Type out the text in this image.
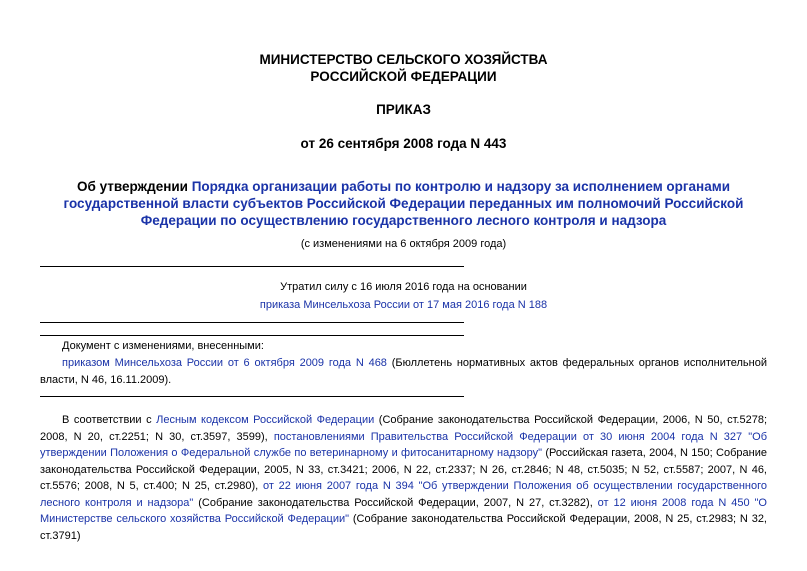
МИНИСТЕРСТВО СЕЛЬСКОГО ХОЗЯЙСТВА
РОССИЙСКОЙ ФЕДЕРАЦИИ
ПРИКАЗ
от 26 сентября 2008 года N 443
Об утверждении Порядка организации работы по контролю и надзору за исполнением органами государственной власти субъектов Российской Федерации переданных им полномочий Российской Федерации по осуществлению государственного лесного контроля и надзора
(с изменениями на 6 октября 2009 года)
Утратил силу с 16 июля 2016 года на основании
приказа Минсельхоза России от 17 мая 2016 года N 188
Документ с изменениями, внесенными:
приказом Минсельхоза России от 6 октября 2009 года N 468 (Бюллетень нормативных актов федеральных органов исполнительной власти, N 46, 16.11.2009).
В соответствии с Лесным кодексом Российской Федерации (Собрание законодательства Российской Федерации, 2006, N 50, ст.5278; 2008, N 20, ст.2251; N 30, ст.3597, 3599), постановлениями Правительства Российской Федерации от 30 июня 2004 года N 327 "Об утверждении Положения о Федеральной службе по ветеринарному и фитосанитарному надзору" (Российская газета, 2004, N 150; Собрание законодательства Российской Федерации, 2005, N 33, ст.3421; 2006, N 22, ст.2337; N 26, ст.2846; N 48, ст.5035; N 52, ст.5587; 2007, N 46, ст.5576; 2008, N 5, ст.400; N 25, ст.2980), от 22 июня 2007 года N 394 "Об утверждении Положения об осуществлении государственного лесного контроля и надзора" (Собрание законодательства Российской Федерации, 2007, N 27, ст.3282), от 12 июня 2008 года N 450 "О Министерстве сельского хозяйства Российской Федерации" (Собрание законодательства Российской Федерации, 2008, N 25, ст.2983; N 32, ст.3791)
